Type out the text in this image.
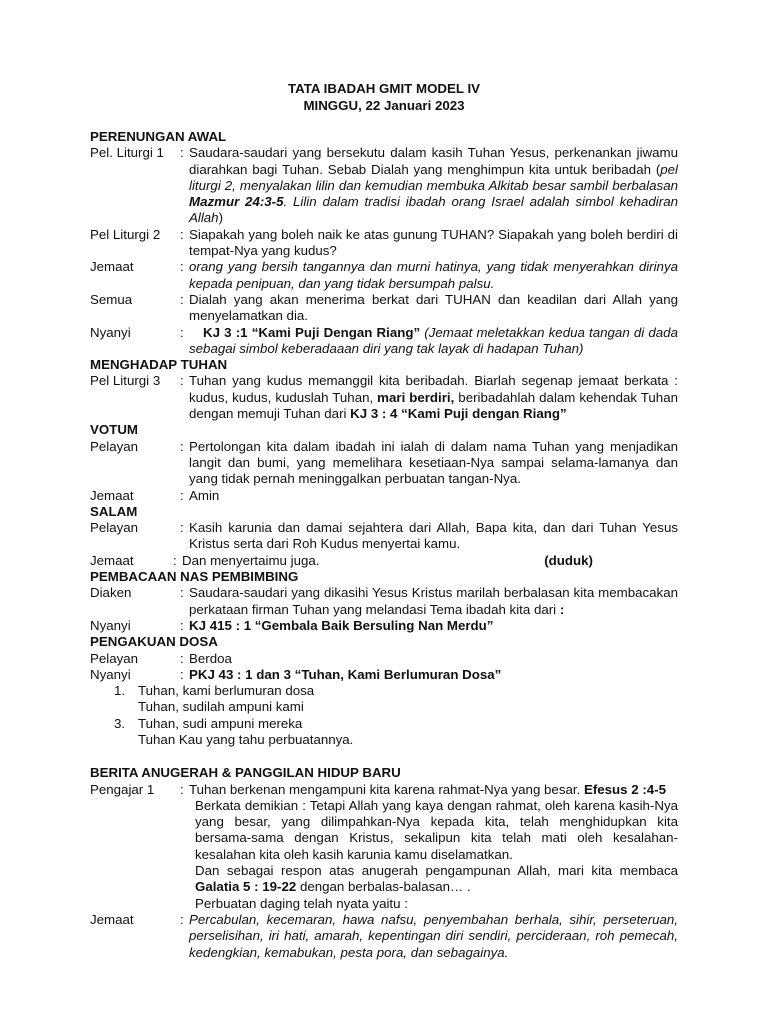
TATA IBADAH GMIT MODEL IV
MINGGU, 22 Januari 2023
PERENUNGAN AWAL
Pel. Liturgi 1	: Saudara-saudari yang bersekutu dalam kasih Tuhan Yesus, perkenankan jiwamu diarahkan bagi Tuhan. Sebab Dialah yang menghimpun kita untuk beribadah (pel liturgi 2, menyalakan lilin dan kemudian membuka Alkitab besar sambil berbalasan Mazmur 24:3-5. Lilin dalam tradisi ibadah orang Israel adalah simbol kehadiran Allah)
Pel Liturgi 2	: Siapakah yang boleh naik ke atas gunung TUHAN? Siapakah yang boleh berdiri di tempat-Nya yang kudus?
Jemaat	: orang yang bersih tangannya dan murni hatinya, yang tidak menyerahkan dirinya kepada penipuan, dan yang tidak bersumpah palsu.
Semua	: Dialah yang akan menerima berkat dari TUHAN dan keadilan dari Allah yang menyelamatkan dia.
Nyanyi	:	KJ 3 :1 “Kami Puji Dengan Riang” (Jemaat meletakkan kedua tangan di dada sebagai simbol keberadaaan diri yang tak layak di hadapan Tuhan)
MENGHADAP TUHAN
Pel Liturgi 3	: Tuhan yang kudus memanggil kita beribadah. Biarlah segenap jemaat berkata : kudus, kudus, kuduslah Tuhan, mari berdiri, beribadahlah dalam kehendak Tuhan dengan memuji Tuhan dari KJ 3 : 4 “Kami Puji dengan Riang”
VOTUM
Pelayan	: Pertolongan kita dalam ibadah ini ialah di dalam nama Tuhan yang menjadikan langit dan bumi, yang memelihara kesetiaan-Nya sampai selama-lamanya dan yang tidak pernah meninggalkan perbuatan tangan-Nya.
Jemaat	: Amin
SALAM
Pelayan	: Kasih karunia dan damai sejahtera dari Allah, Bapa kita, dan dari Tuhan Yesus Kristus serta dari Roh Kudus menyertai kamu.
Jemaat	: Dan menyertaimu juga.	(duduk)
PEMBACAAN NAS PEMBIMBING
Diaken	: Saudara-saudari yang dikasihi Yesus Kristus marilah berbalasan kita membacakan perkataan firman Tuhan yang melandasi Tema ibadah kita dari :
Nyanyi	: KJ 415 : 1 “Gembala Baik Bersuling Nan Merdu”
PENGAKUAN DOSA
Pelayan	: Berdoa
Nyanyi	: PKJ 43 : 1 dan 3 “Tuhan, Kami Berlumuran Dosa”
1. Tuhan, kami berlumuran dosa
Tuhan, sudilah ampuni kami
3. Tuhan, sudi ampuni mereka
Tuhan Kau yang tahu perbuatannya.
BERITA ANUGERAH & PANGGILAN HIDUP BARU
Pengajar 1	: Tuhan berkenan mengampuni kita karena rahmat-Nya yang besar. Efesus 2 :4-5
Berkata demikian : Tetapi Allah yang kaya dengan rahmat, oleh karena kasih-Nya yang besar, yang dilimpahkan-Nya kepada kita, telah menghidupkan kita bersama-sama dengan Kristus, sekalipun kita telah mati oleh kesalahan-kesalahan kita oleh kasih karunia kamu diselamatkan.
Dan sebagai respon atas anugerah pengampunan Allah, mari kita membaca Galatia 5 : 19-22 dengan berbalas-balasan… .
Perbuatan daging telah nyata yaitu :
Jemaat	: Percabulan, kecemaran, hawa nafsu, penyembahan berhala, sihir, perseteruan, perselisihan, iri hati, amarah, kepentingan diri sendiri, percideraan, roh pemecah, kedengkian, kemabukan, pesta pora, dan sebagainya.
